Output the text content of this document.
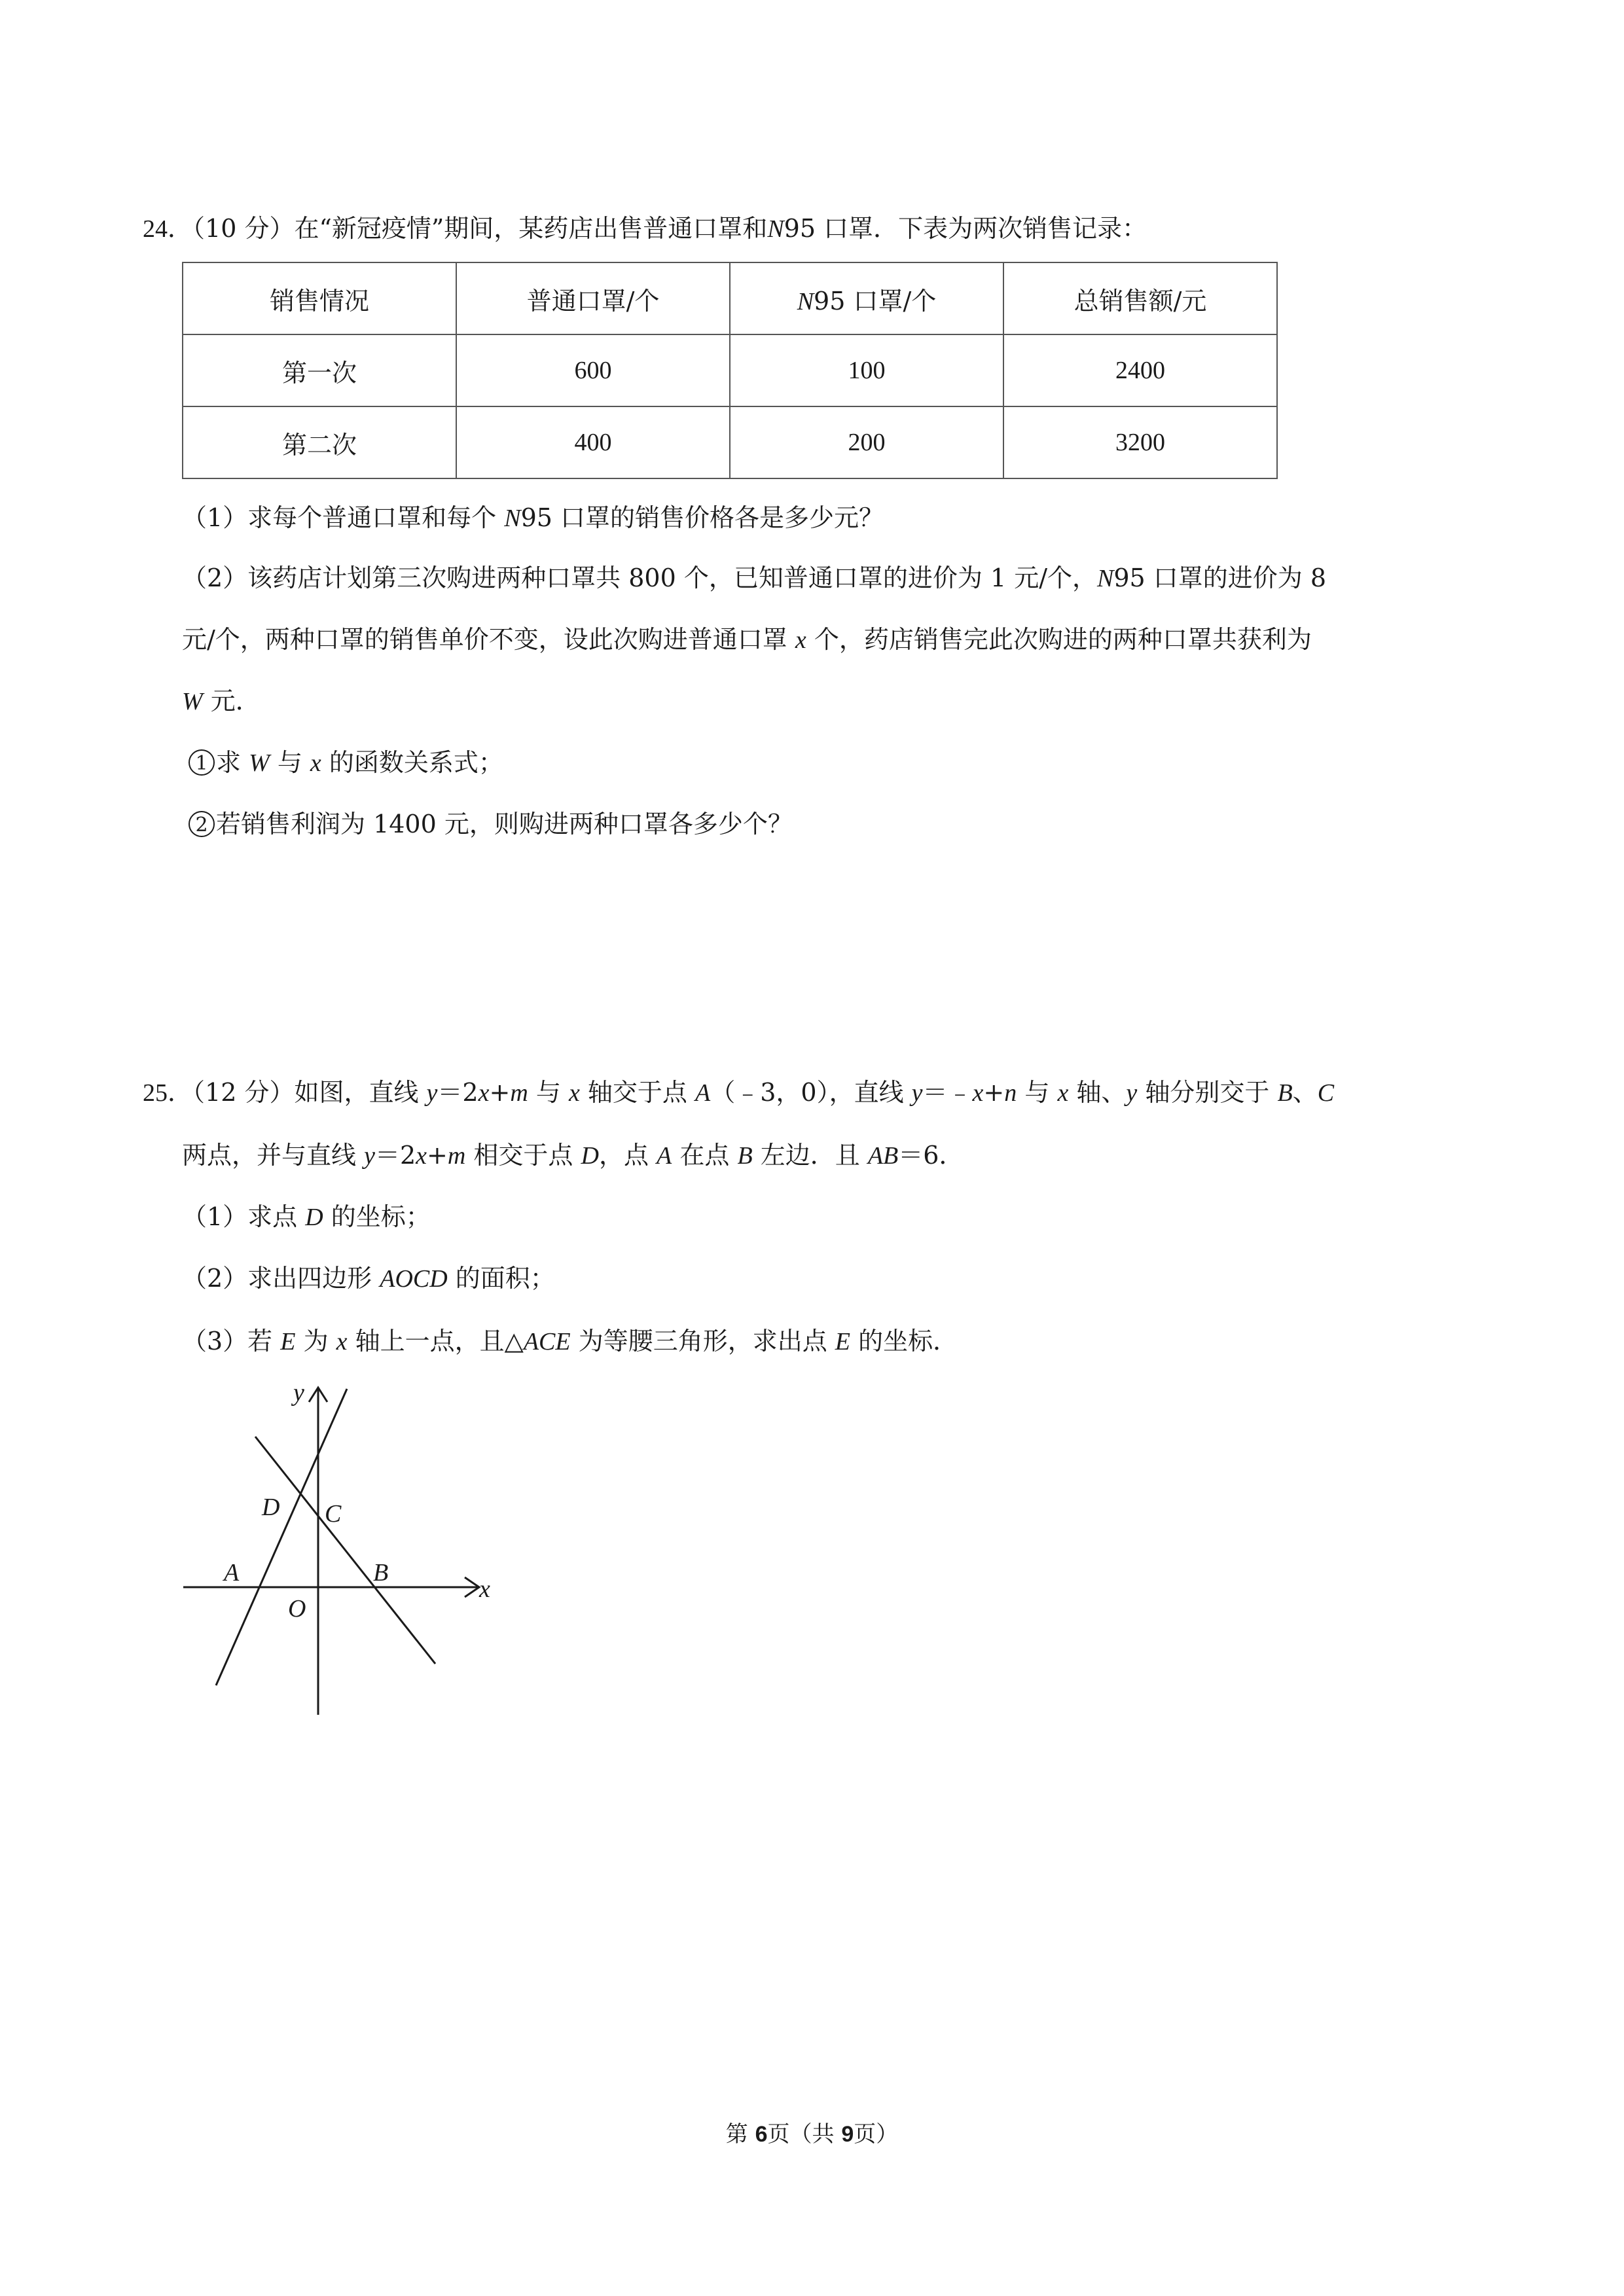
24．（10 分）在“新冠疫情”期间，某药店出售普通口罩和N95 口罩．下表为两次销售记录：
销售情况	普通口罩/个	N95 口罩/个	总销售额/元
第一次	600	100	2400
第二次	400	200	3200
（1）求每个普通口罩和每个 N95 口罩的销售价格各是多少元？
（2）该药店计划第三次购进两种口罩共 800 个，已知普通口罩的进价为 1 元/个，N95 口罩的进价为 8
元/个，两种口罩的销售单价不变，设此次购进普通口罩 x 个，药店销售完此次购进的两种口罩共获利为
W 元．
1 求 W 与 x 的函数关系式；
2 若销售利润为 1400 元，则购进两种口罩各多少个？
25．（12 分）如图，直线 y＝2x+m 与 x 轴交于点 A（﹣3，0），直线 y＝﹣x+n 与 x 轴、y 轴分别交于 B、C
两点，并与直线 y＝2x+m 相交于点 D，点 A 在点 B 左边．且 AB＝6．
（1）求点 D 的坐标；
（2）求出四边形 AOCD 的面积；
（3）若 E 为 x 轴上一点，且△ACE 为等腰三角形，求出点 E 的坐标．
y
x
D C
A	B
O
第 6页（共 9页）
